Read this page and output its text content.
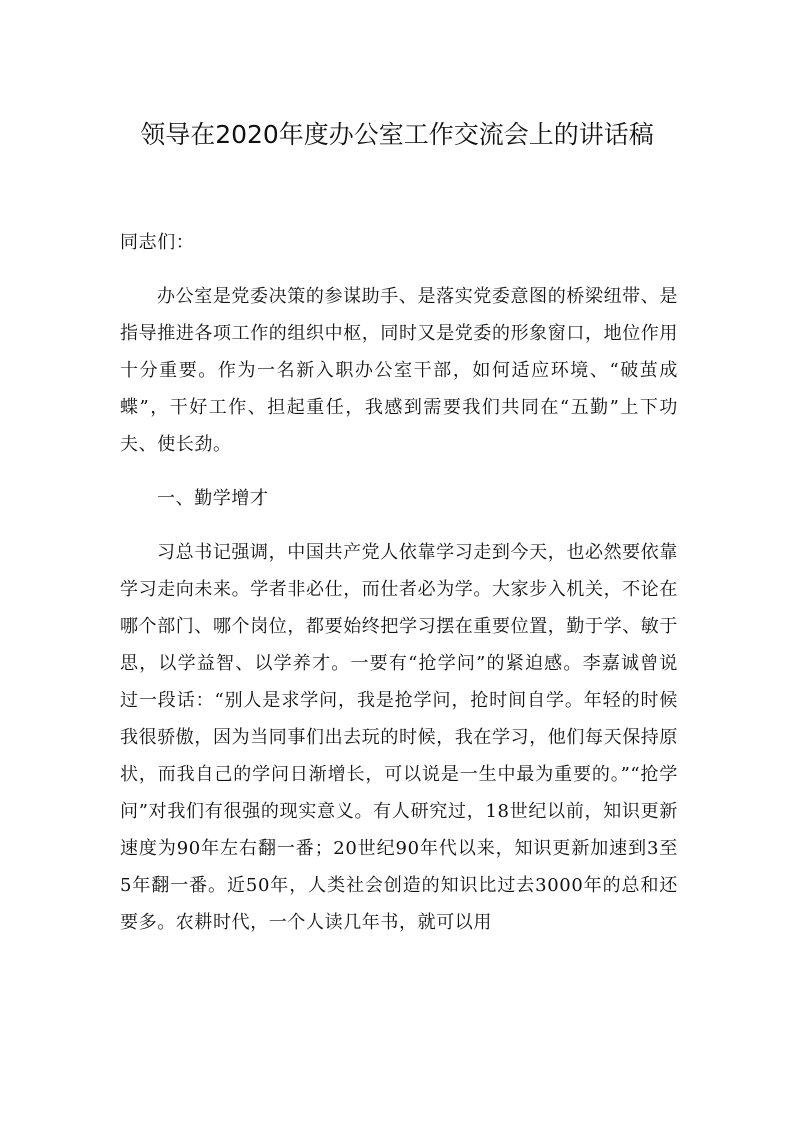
领导在2020年度办公室工作交流会上的讲话稿

同志们：

办公室是党委决策的参谋助手、是落实党委意图的桥梁纽带、是指导推进各项工作的组织中枢，同时又是党委的形象窗口，地位作用十分重要。作为一名新入职办公室干部，如何适应环境、“破茧成蝶”，干好工作、担起重任，我感到需要我们共同在“五勤”上下功夫、使长劲。

一、勤学增才

习总书记强调，中国共产党人依靠学习走到今天，也必然要依靠学习走向未来。学者非必仕，而仕者必为学。大家步入机关，不论在哪个部门、哪个岗位，都要始终把学习摆在重要位置，勤于学、敏于思，以学益智、以学养才。一要有“抢学问”的紧迫感。李嘉诚曾说过一段话：“别人是求学问，我是抢学问，抢时间自学。年轻的时候我很骄傲，因为当同事们出去玩的时候，我在学习，他们每天保持原状，而我自己的学问日渐增长，可以说是一生中最为重要的。”“抢学问”对我们有很强的现实意义。有人研究过，18世纪以前，知识更新速度为90年左右翻一番；20世纪90年代以来，知识更新加速到3至5年翻一番。近50年，人类社会创造的知识比过去3000年的总和还要多。农耕时代，一个人读几年书，就可以用
